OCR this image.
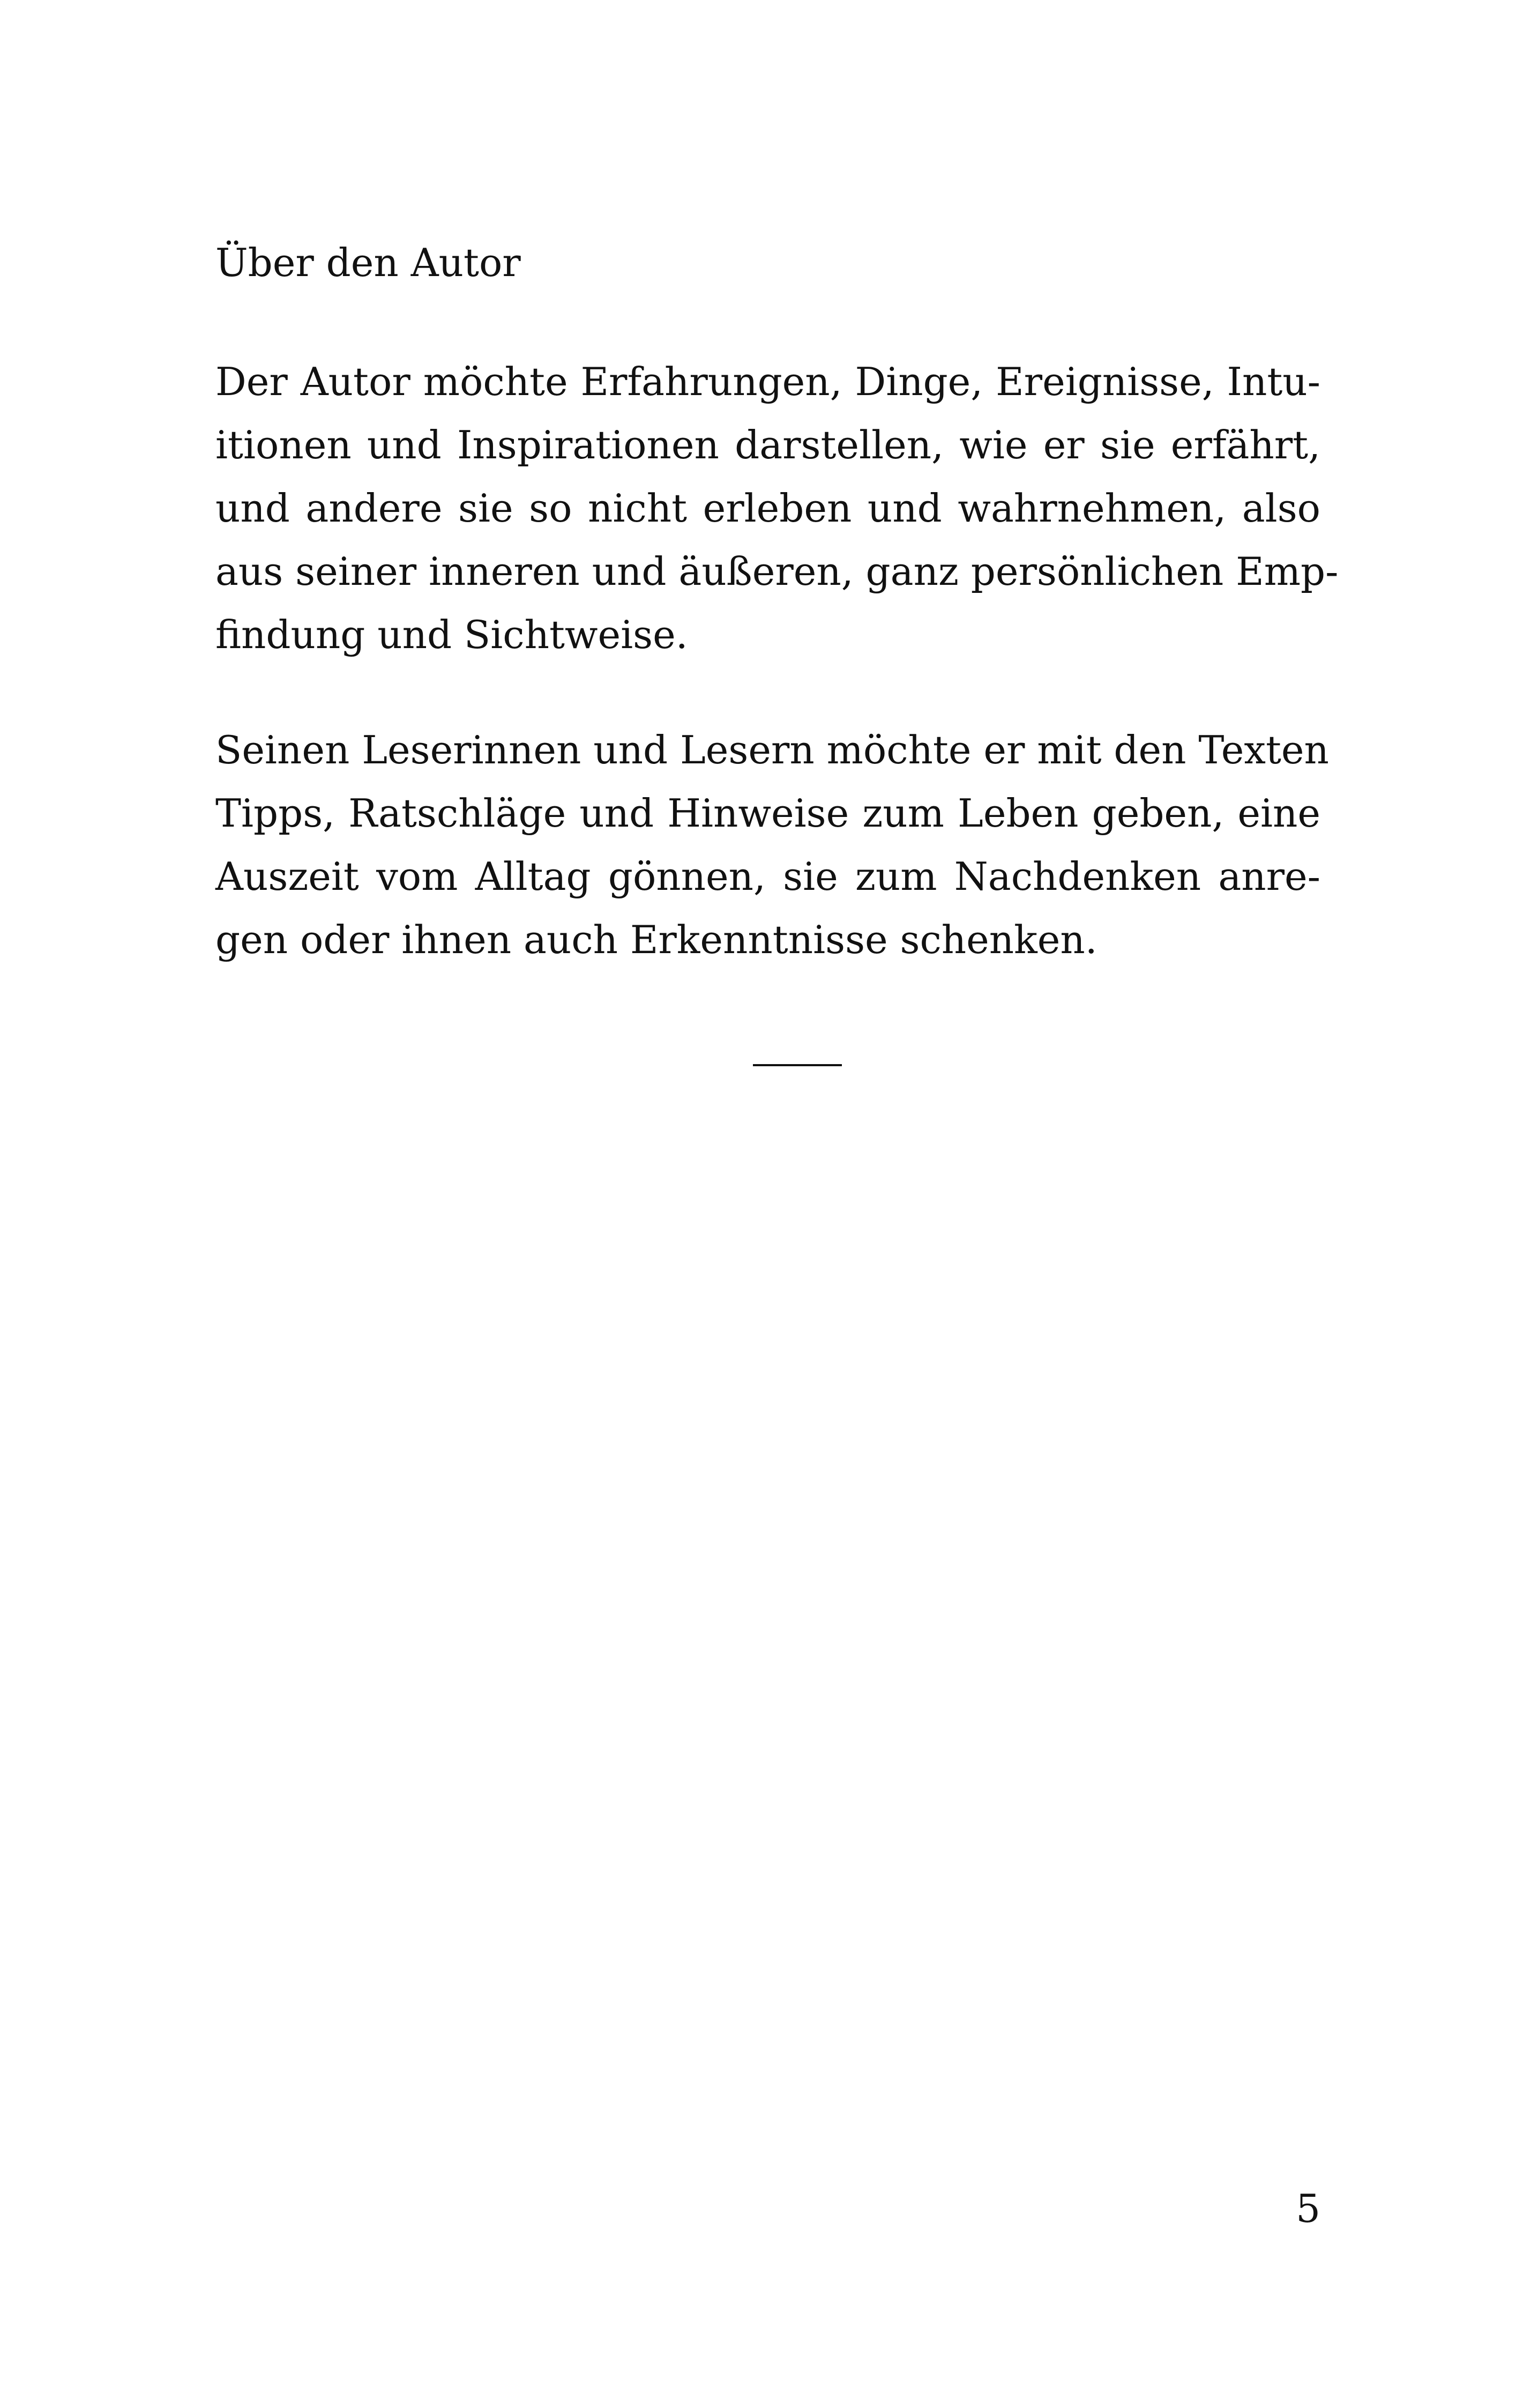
Über den Autor
Der Autor möchte Erfahrungen, Dinge, Ereignisse, Intu-
itionen und Inspirationen darstellen, wie er sie erfährt,
und andere sie so nicht erleben und wahrnehmen, also
aus seiner inneren und äußeren, ganz persönlichen Emp-
findung und Sichtweise.
Seinen Leserinnen und Lesern möchte er mit den Texten
Tipps, Ratschläge und Hinweise zum Leben geben, eine
Auszeit vom Alltag gönnen, sie zum Nachdenken anre-
gen oder ihnen auch Erkenntnisse schenken.
5
